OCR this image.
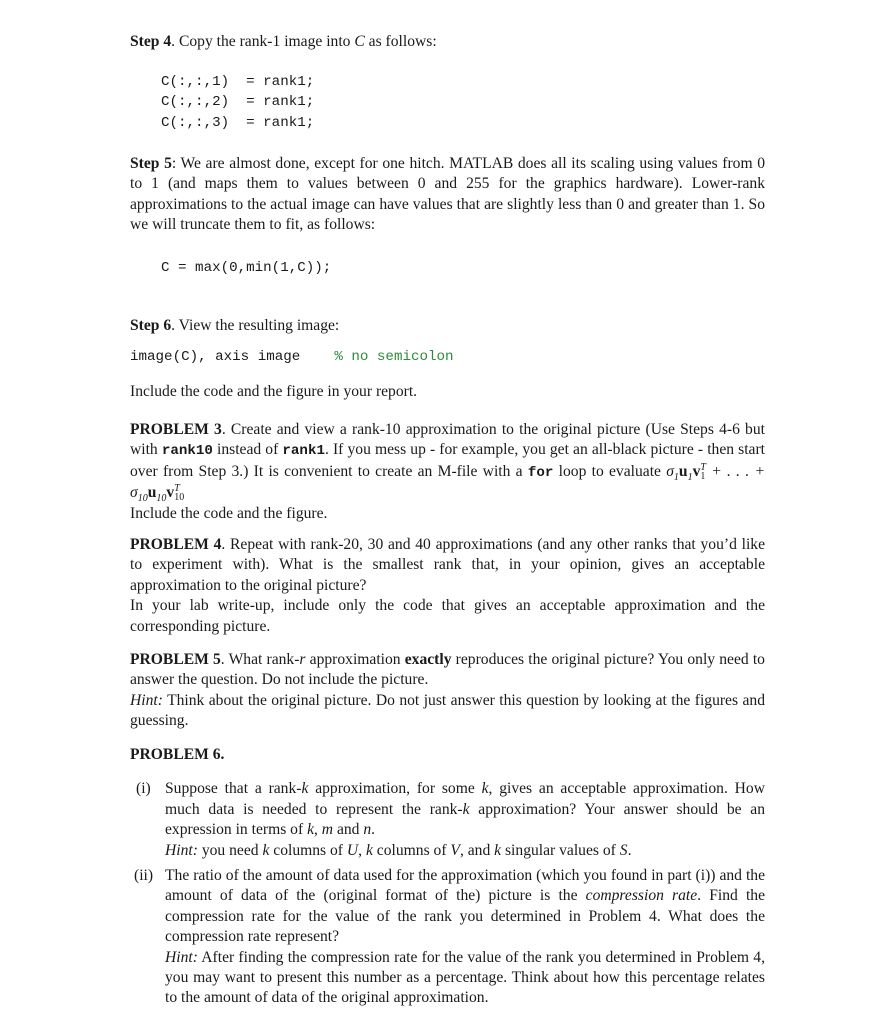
Step 4. Copy the rank-1 image into C as follows:

C(:,:,1)  = rank1;
C(:,:,2)  = rank1;
C(:,:,3)  = rank1;

Step 5: We are almost done, except for one hitch. MATLAB does all its scaling using values from 0 to 1 (and maps them to values between 0 and 255 for the graphics hardware). Lower-rank approximations to the actual image can have values that are slightly less than 0 and greater than 1. So we will truncate them to fit, as follows:

C = max(0,min(1,C));

Step 6. View the resulting image:

image(C), axis image % no semicolon

Include the code and the figure in your report.

PROBLEM 3. Create and view a rank-10 approximation to the original picture (Use Steps 4-6 but with rank10 instead of rank1. If you mess up - for example, you get an all-black picture - then start over from Step 3.) It is convenient to create an M-file with a for loop to evaluate $\sigma_1u_1v$ T
1 + . . . + $\sigma_{10}u_{10}v$ T
10

Include the code and the figure.

PROBLEM 4. Repeat with rank-20, 30 and 40 approximations (and any other ranks that you’d like to experiment with). What is the smallest rank that, in your opinion, gives an acceptable approximation to the original picture?

In your lab write-up, include only the code that gives an acceptable approximation and the corresponding picture.

PROBLEM 5. What rank-r approximation exactly reproduces the original picture? You only need to answer the question. Do not include the picture.

Hint: Think about the original picture. Do not just answer this question by looking at the figures and guessing.

PROBLEM 6.

(i) Suppose that a rank-k approximation, for some k, gives an acceptable approximation. How much data is needed to represent the rank-k approximation? Your answer should be an expression in terms of k, m and n.
Hint: you need k columns of U, k columns of V, and k singular values of S.
(ii) The ratio of the amount of data used for the approximation (which you found in part (i)) and the amount of data of the (original format of the) picture is the compression rate. Find the compression rate for the value of the rank you determined in Problem 4. What does the compression rate represent?
Hint: After finding the compression rate for the value of the rank you determined in Problem 4, you may want to present this number as a percentage. Think about how this percentage relates to the amount of data of the original approximation.
